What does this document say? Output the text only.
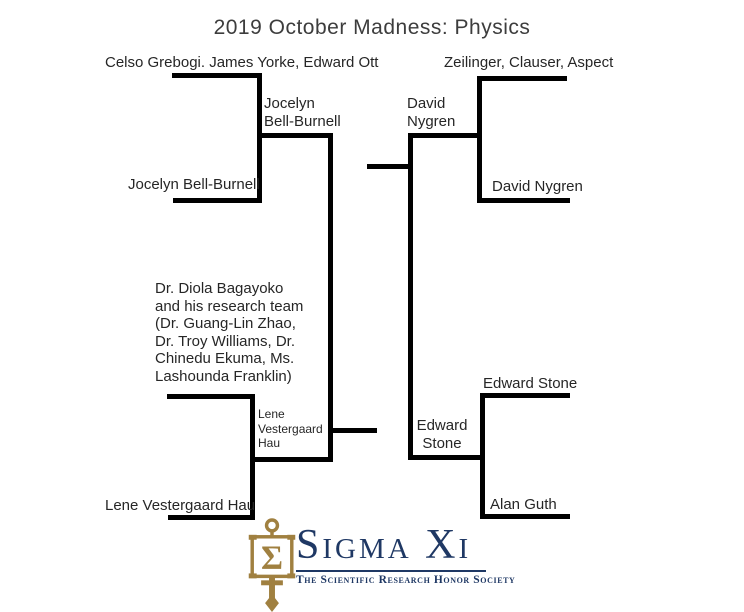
2019 October Madness: Physics
Celso Grebogi. James Yorke, Edward Ott
Jocelyn Bell-Burnell
Jocelyn
Bell-Burnell
Dr. Diola Bagayoko
and his research team
(Dr. Guang-Lin Zhao,
Dr. Troy Williams, Dr.
Chinedu Ekuma, Ms.
Lashounda Franklin)
Lene Vestergaard Hau
Lene
Vestergaard
Hau
Zeilinger, Clauser, Aspect
David Nygren
David
Nygren
Edward Stone
Alan Guth
Edward
Stone
Σ Sigma Xi
The Scientific Research Honor Society
